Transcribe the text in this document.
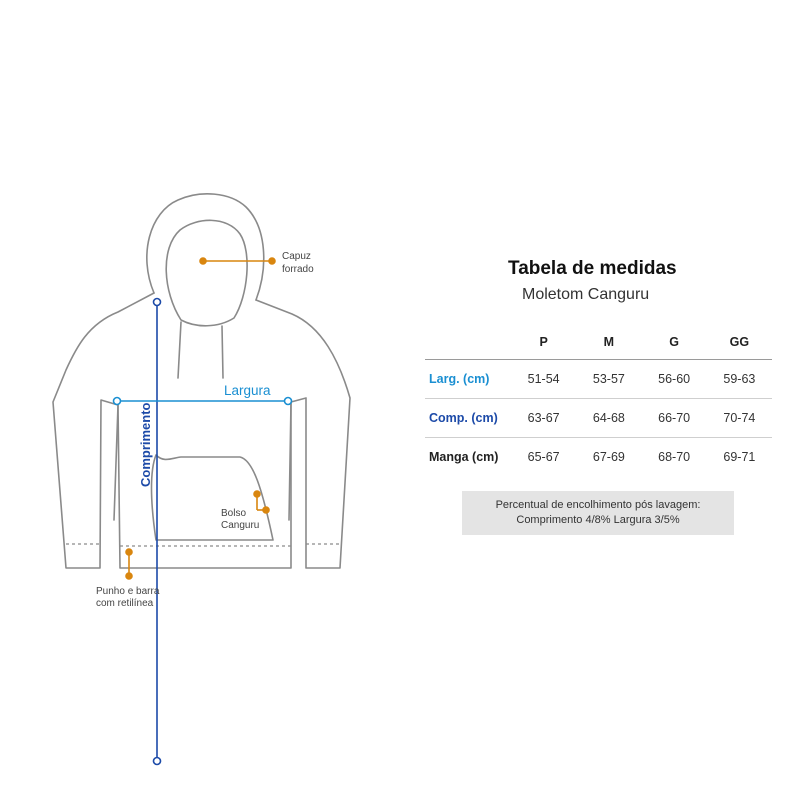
Comprimento
Largura
Capuz
forrado
Bolso
Canguru
Punho e barra
com retilínea
Tabela de medidas
Moletom Canguru
	P	M	G	GG
Larg. (cm)	51-54	53-57	56-60	59-63
Comp. (cm)	63-67	64-68	66-70	70-74
Manga (cm)	65-67	67-69	68-70	69-71
Percentual de encolhimento pós lavagem:
Comprimento 4/8% Largura 3/5%
